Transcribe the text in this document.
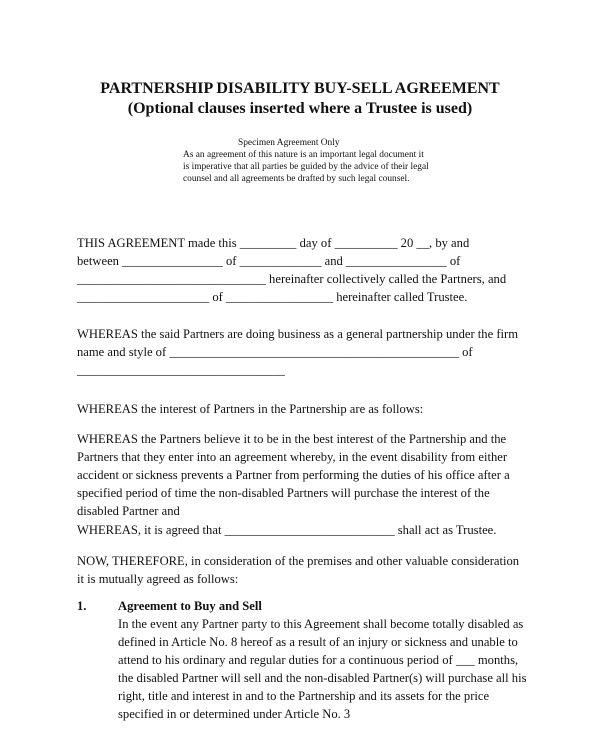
PARTNERSHIP DISABILITY BUY-SELL AGREEMENT
(Optional clauses inserted where a Trustee is used)
Specimen Agreement Only
As an agreement of this nature is an important legal document it
is imperative that all parties be guided by the advice of their legal
counsel and all agreements be drafted by such legal counsel.
THIS AGREEMENT made this _________ day of __________ 20 __, by and
between ________________ of _____________ and ________________ of
______________________________ hereinafter collectively called the Partners, and
_____________________ of _________________ hereinafter called Trustee.
WHEREAS the said Partners are doing business as a general partnership under the firm
name and style of ______________________________________________ of
_________________________________
WHEREAS the interest of Partners in the Partnership are as follows:
WHEREAS the Partners believe it to be in the best interest of the Partnership and the
Partners that they enter into an agreement whereby, in the event disability from either
accident or sickness prevents a Partner from performing the duties of his office after a
specified period of time the non-disabled Partners will purchase the interest of the
disabled Partner and
WHEREAS, it is agreed that ___________________________ shall act as Trustee.
NOW, THEREFORE, in consideration of the premises and other valuable consideration
it is mutually agreed as follows:
1.	Agreement to Buy and Sell
In the event any Partner party to this Agreement shall become totally disabled as
defined in Article No. 8 hereof as a result of an injury or sickness and unable to
attend to his ordinary and regular duties for a continuous period of ___ months,
the disabled Partner will sell and the non-disabled Partner(s) will purchase all his
right, title and interest in and to the Partnership and its assets for the price
specified in or determined under Article No. 3
